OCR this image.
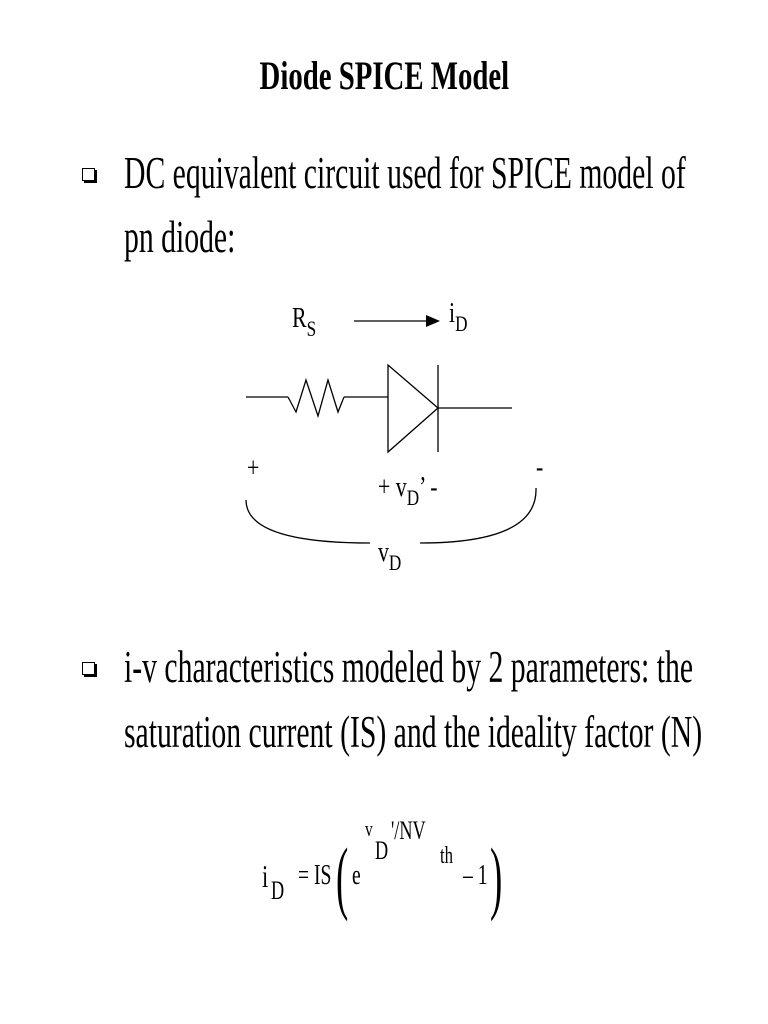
Diode SPICE Model
DC equivalent circuit used for SPICE model of
pn diode:
$R_S$	$i_D$
+	-
+ $v_D$’ -
$v_D$
i-v characteristics modeled by 2 parameters: the
saturation current (IS) and the ideality factor (N)
i D = IS ( e
v
D
'/NV
th
– 1 )
